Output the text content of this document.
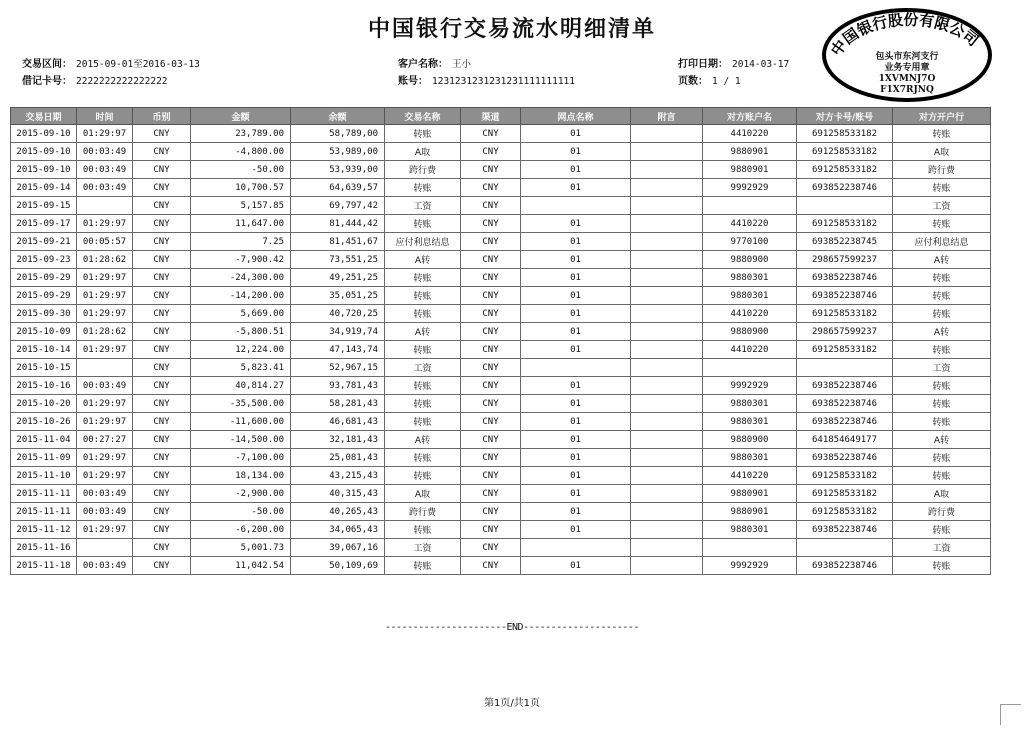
中国银行交易流水明细清单
交易区间： 2015-09-01至2016-03-13
借记卡号： 2222222222222222
客户名称： 王小
账号： 1231231231231231111111111
打印日期： 2014-03-17
页数： 1 / 1
中国银行股份有限公司
包头市东河支行
业务专用章
1XVMNJ7O
F1X7RJNQ
交易日期	时间	币别	金额	余额	交易名称	渠道	网点名称	附言	对方账户名	对方卡号/账号	对方开户行
2015-09-10	01:29:97	CNY	23,789.00	58,789,00	转账	CNY	01		4410220	691258533182	转账
2015-09-10	00:03:49	CNY	-4,800.00	53,989,00	A取	CNY	01		9880901	691258533182	A取
2015-09-10	00:03:49	CNY	-50.00	53,939,00	跨行费	CNY	01		9880901	691258533182	跨行费
2015-09-14	00:03:49	CNY	10,700.57	64,639,57	转账	CNY	01		9992929	693852238746	转账
2015-09-15		CNY	5,157.85	69,797,42	工资	CNY					工资
2015-09-17	01:29:97	CNY	11,647.00	81,444,42	转账	CNY	01		4410220	691258533182	转账
2015-09-21	00:05:57	CNY	7.25	81,451,67	应付利息结息	CNY	01		9770100	693852238745	应付利息结息
2015-09-23	01:28:62	CNY	-7,900.42	73,551,25	A转	CNY	01		9880900	298657599237	A转
2015-09-29	01:29:97	CNY	-24,300.00	49,251,25	转账	CNY	01		9880301	693852238746	转账
2015-09-29	01:29:97	CNY	-14,200.00	35,051,25	转账	CNY	01		9880301	693852238746	转账
2015-09-30	01:29:97	CNY	5,669.00	40,720,25	转账	CNY	01		4410220	691258533182	转账
2015-10-09	01:28:62	CNY	-5,800.51	34,919,74	A转	CNY	01		9880900	298657599237	A转
2015-10-14	01:29:97	CNY	12,224.00	47,143,74	转账	CNY	01		4410220	691258533182	转账
2015-10-15		CNY	5,823.41	52,967,15	工资	CNY					工资
2015-10-16	00:03:49	CNY	40,814.27	93,781,43	转账	CNY	01		9992929	693852238746	转账
2015-10-20	01:29:97	CNY	-35,500.00	58,281,43	转账	CNY	01		9880301	693852238746	转账
2015-10-26	01:29:97	CNY	-11,600.00	46,681,43	转账	CNY	01		9880301	693852238746	转账
2015-11-04	00:27:27	CNY	-14,500.00	32,181,43	A转	CNY	01		9880900	641854649177	A转
2015-11-09	01:29:97	CNY	-7,100.00	25,081,43	转账	CNY	01		9880301	693852238746	转账
2015-11-10	01:29:97	CNY	18,134.00	43,215,43	转账	CNY	01		4410220	691258533182	转账
2015-11-11	00:03:49	CNY	-2,900.00	40,315,43	A取	CNY	01		9880901	691258533182	A取
2015-11-11	00:03:49	CNY	-50.00	40,265,43	跨行费	CNY	01		9880901	691258533182	跨行费
2015-11-12	01:29:97	CNY	-6,200.00	34,065,43	转账	CNY	01		9880301	693852238746	转账
2015-11-16		CNY	5,001.73	39,067,16	工资	CNY					工资
2015-11-18	00:03:49	CNY	11,042.54	50,109,69	转账	CNY	01		9992929	693852238746	转账
----------------------END---------------------
第1页/共1页
